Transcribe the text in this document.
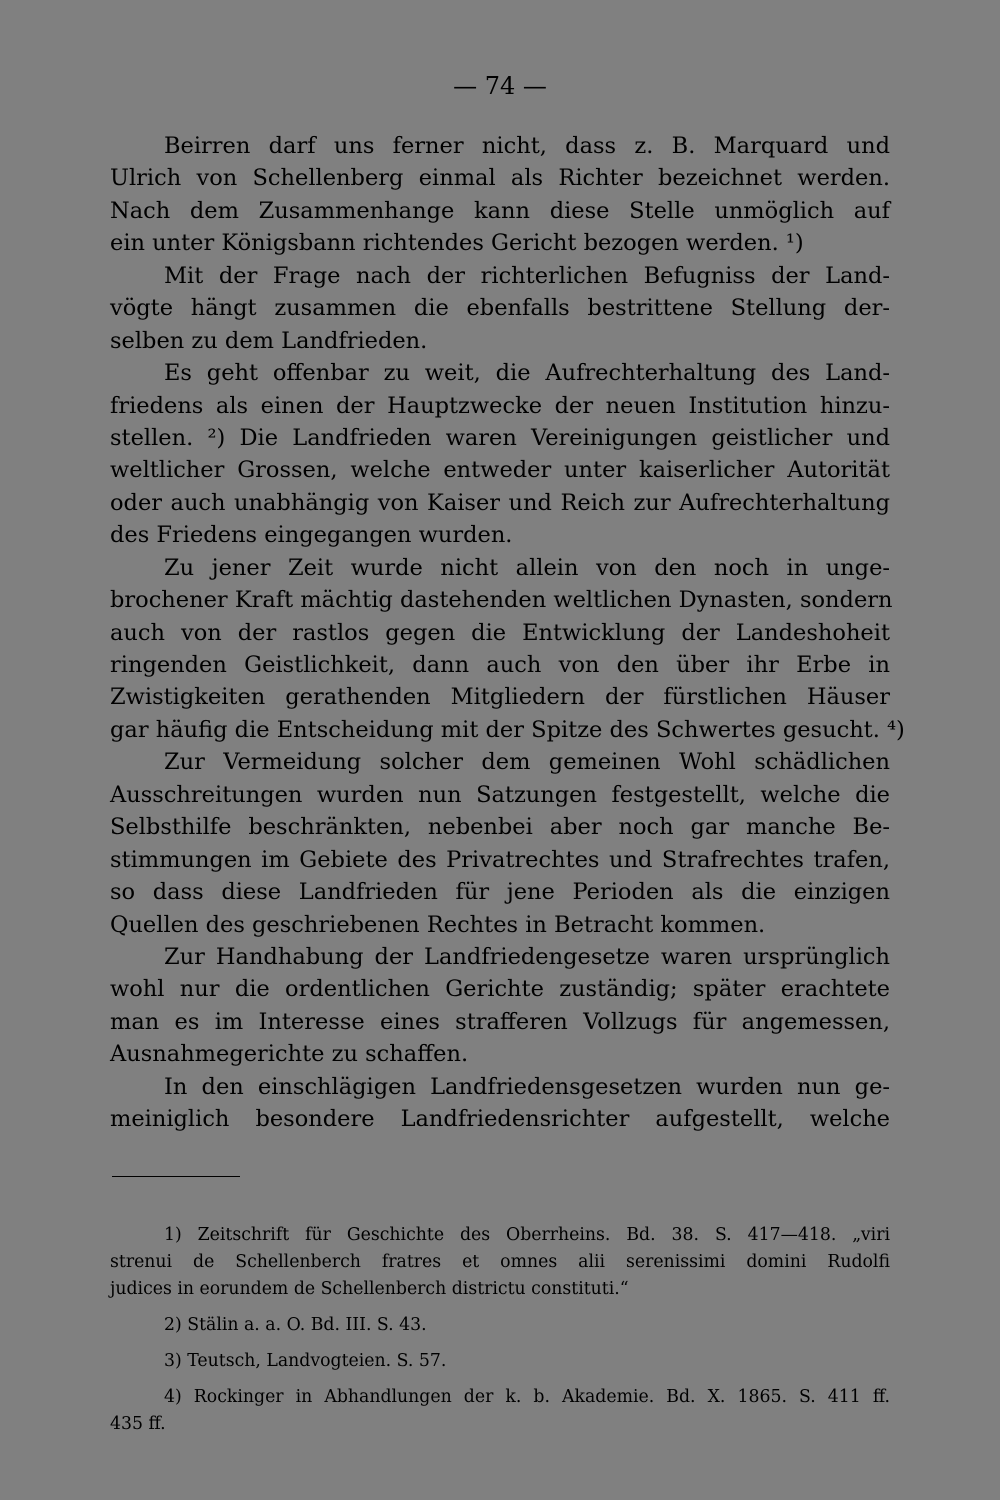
— 74 —
Beirren darf uns ferner nicht, dass z. B. Marquard und
Ulrich von Schellenberg einmal als Richter bezeichnet werden.
Nach dem Zusammenhange kann diese Stelle unmöglich auf
ein unter Königsbann richtendes Gericht bezogen werden. ¹)
Mit der Frage nach der richterlichen Befugniss der Land-
vögte hängt zusammen die ebenfalls bestrittene Stellung der-
selben zu dem Landfrieden.
Es geht offenbar zu weit, die Aufrechterhaltung des Land-
friedens als einen der Hauptzwecke der neuen Institution hinzu-
stellen. ²) Die Landfrieden waren Vereinigungen geistlicher und
weltlicher Grossen, welche entweder unter kaiserlicher Autorität
oder auch unabhängig von Kaiser und Reich zur Aufrechterhaltung
des Friedens eingegangen wurden.
Zu jener Zeit wurde nicht allein von den noch in unge-
brochener Kraft mächtig dastehenden weltlichen Dynasten, sondern
auch von der rastlos gegen die Entwicklung der Landeshoheit
ringenden Geistlichkeit, dann auch von den über ihr Erbe in
Zwistigkeiten gerathenden Mitgliedern der fürstlichen Häuser
gar häufig die Entscheidung mit der Spitze des Schwertes gesucht. ⁴)
Zur Vermeidung solcher dem gemeinen Wohl schädlichen
Ausschreitungen wurden nun Satzungen festgestellt, welche die
Selbsthilfe beschränkten, nebenbei aber noch gar manche Be-
stimmungen im Gebiete des Privatrechtes und Strafrechtes trafen,
so dass diese Landfrieden für jene Perioden als die einzigen
Quellen des geschriebenen Rechtes in Betracht kommen.
Zur Handhabung der Landfriedengesetze waren ursprünglich
wohl nur die ordentlichen Gerichte zuständig; später erachtete
man es im Interesse eines strafferen Vollzugs für angemessen,
Ausnahmegerichte zu schaffen.
In den einschlägigen Landfriedensgesetzen wurden nun ge-
meiniglich besondere Landfriedensrichter aufgestellt, welche
1) Zeitschrift für Geschichte des Oberrheins. Bd. 38. S. 417—418. „viri
strenui de Schellenberch fratres et omnes alii serenissimi domini Rudolfi
judices in eorundem de Schellenberch districtu constituti.“
2) Stälin a. a. O. Bd. III. S. 43.
3) Teutsch, Landvogteien. S. 57.
4) Rockinger in Abhandlungen der k. b. Akademie. Bd. X. 1865. S. 411 ff.
435 ff.
